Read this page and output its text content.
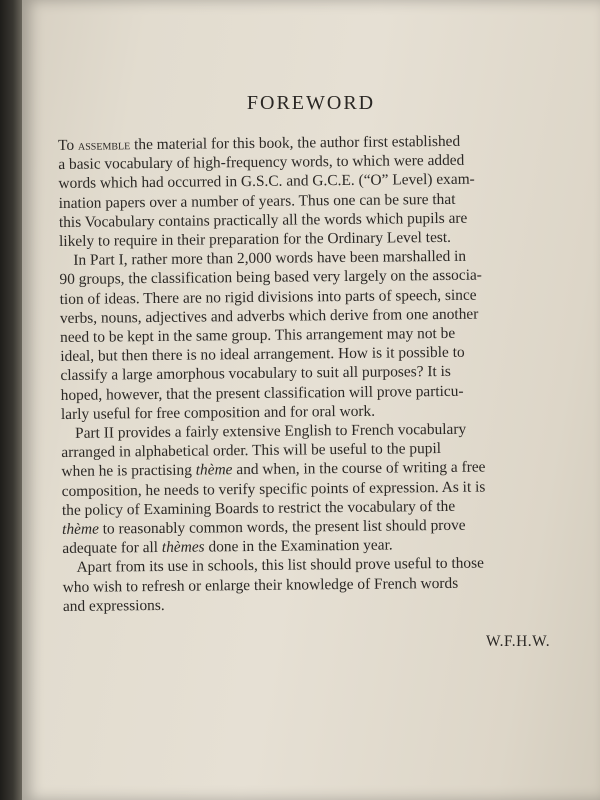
FOREWORD

To assemble the material for this book, the author first established
a basic vocabulary of high-frequency words, to which were added
words which had occurred in G.S.C. and G.C.E. (“O” Level) exam-
ination papers over a number of years. Thus one can be sure that
this Vocabulary contains practically all the words which pupils are
likely to require in their preparation for the Ordinary Level test.

In Part I, rather more than 2,000 words have been marshalled in
90 groups, the classification being based very largely on the associa-
tion of ideas. There are no rigid divisions into parts of speech, since
verbs, nouns, adjectives and adverbs which derive from one another
need to be kept in the same group. This arrangement may not be
ideal, but then there is no ideal arrangement. How is it possible to
classify a large amorphous vocabulary to suit all purposes? It is
hoped, however, that the present classification will prove particu-
larly useful for free composition and for oral work.

Part II provides a fairly extensive English to French vocabulary
arranged in alphabetical order. This will be useful to the pupil
when he is practising thème and when, in the course of writing a free
composition, he needs to verify specific points of expression. As it is
the policy of Examining Boards to restrict the vocabulary of the
thème to reasonably common words, the present list should prove
adequate for all thèmes done in the Examination year.

Apart from its use in schools, this list should prove useful to those
who wish to refresh or enlarge their knowledge of French words
and expressions.

W.F.H.W.
